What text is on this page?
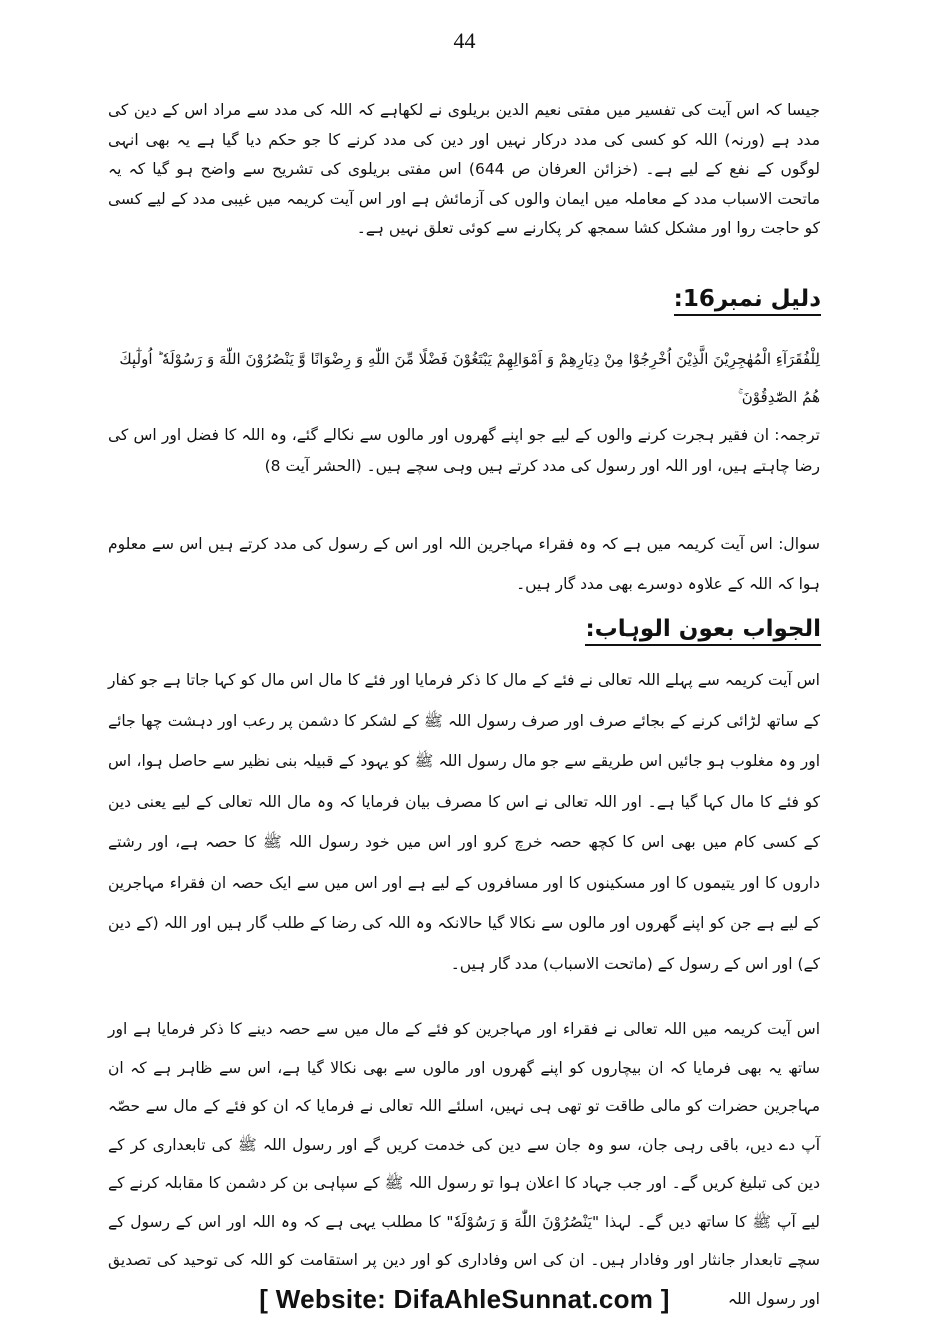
44
جیسا کہ اس آیت کی تفسیر میں مفتی نعیم الدین بریلوی نے لکھاہے کہ اللہ کی مدد سے مراد اس کے دین کی مدد ہے (ورنہ) اللہ کو کسی کی مدد درکار نہیں اور دین کی مدد کرنے کا جو حکم دیا گیا ہے یہ بھی انہی لوگوں کے نفع کے لیے ہے۔ (خزائن العرفان ص 644) اس مفتی بریلوی کی تشریح سے واضح ہو گیا کہ یہ ماتحت الاسباب مدد کے معاملہ میں ایمان والوں کی آزمائش ہے اور اس آیت کریمہ میں غیبی مدد کے لیے کسی کو حاجت روا اور مشکل کشا سمجھ کر پکارنے سے کوئی تعلق نہیں ہے۔
دلیل نمبر16:
لِلْفُقَرَآءِ الْمُهٰجِرِیْنَ الَّذِیْنَ اُخْرِجُوْا مِنْ دِیَارِهِمْ وَ اَمْوَالِهِمْ یَبْتَغُوْنَ فَضْلًا مِّنَ اللّٰهِ وَ رِضْوَانًا وَّ یَنْصُرُوْنَ اللّٰهَ وَ رَسُوْلَهٗ ؕ اُولٰٓىٕكَ هُمُ الصّٰدِقُوْنَ ۚ
ترجمہ: ان فقیر ہجرت کرنے والوں کے لیے جو اپنے گھروں اور مالوں سے نکالے گئے، وہ اللہ کا فضل اور اس کی رضا چاہتے ہیں، اور اللہ اور رسول کی مدد کرتے ہیں وہی سچے ہیں۔ (الحشر آیت 8)
سوال: اس آیت کریمہ میں ہے کہ وہ فقراء مہاجرین اللہ اور اس کے رسول کی مدد کرتے ہیں اس سے معلوم ہوا کہ اللہ کے علاوہ دوسرے بھی مدد گار ہیں۔
الجواب بعون الوہاب:
اس آیت کریمہ سے پہلے اللہ تعالی نے فئے کے مال کا ذکر فرمایا اور فئے کا مال اس مال کو کہا جاتا ہے جو کفار کے ساتھ لڑائی کرنے کے بجائے صرف اور صرف رسول اللہ ﷺ کے لشکر کا دشمن پر رعب اور دہشت چھا جائے اور وہ مغلوب ہو جائیں اس طریقے سے جو مال رسول اللہ ﷺ کو یہود کے قبیلہ بنی نظیر سے حاصل ہوا، اس کو فئے کا مال کہا گیا ہے۔ اور اللہ تعالی نے اس کا مصرف بیان فرمایا کہ وہ مال اللہ تعالی کے لیے یعنی دین کے کسی کام میں بھی اس کا کچھ حصہ خرچ کرو اور اس میں خود رسول اللہ ﷺ کا حصہ ہے، اور رشتے داروں کا اور یتیموں کا اور مسکینوں کا اور مسافروں کے لیے ہے اور اس میں سے ایک حصہ ان فقراء مہاجرین کے لیے ہے جن کو اپنے گھروں اور مالوں سے نکالا گیا حالانکہ وہ اللہ کی رضا کے طلب گار ہیں اور اللہ (کے دین کے) اور اس کے رسول کے (ماتحت الاسباب) مدد گار ہیں۔
اس آیت کریمہ میں اللہ تعالی نے فقراء اور مہاجرین کو فئے کے مال میں سے حصہ دینے کا ذکر فرمایا ہے اور ساتھ یہ بھی فرمایا کہ ان بیچاروں کو اپنے گھروں اور مالوں سے بھی نکالا گیا ہے، اس سے ظاہر ہے کہ ان مہاجرین حضرات کو مالی طاقت تو تھی ہی نہیں، اسلئے اللہ تعالی نے فرمایا کہ ان کو فئے کے مال سے حصّہ آپ دے دیں، باقی رہی جان، سو وہ جان سے دین کی خدمت کریں گے اور رسول اللہ ﷺ کی تابعداری کر کے دین کی تبلیغ کریں گے۔ اور جب جہاد کا اعلان ہوا تو رسول اللہ ﷺ کے سپاہی بن کر دشمن کا مقابلہ کرنے کے لیے آپ ﷺ کا ساتھ دیں گے۔ لہذا "یَنْصُرُوْنَ اللّٰهَ وَ رَسُوْلَهٗ" کا مطلب یہی ہے کہ وہ اللہ اور اس کے رسول کے سچے تابعدار جانثار اور وفادار ہیں۔ ان کی اس وفاداری کو اور دین پر استقامت کو اللہ کی توحید کی تصدیق اور رسول اللہ
[ Website: DifaAhleSunnat.com ]
